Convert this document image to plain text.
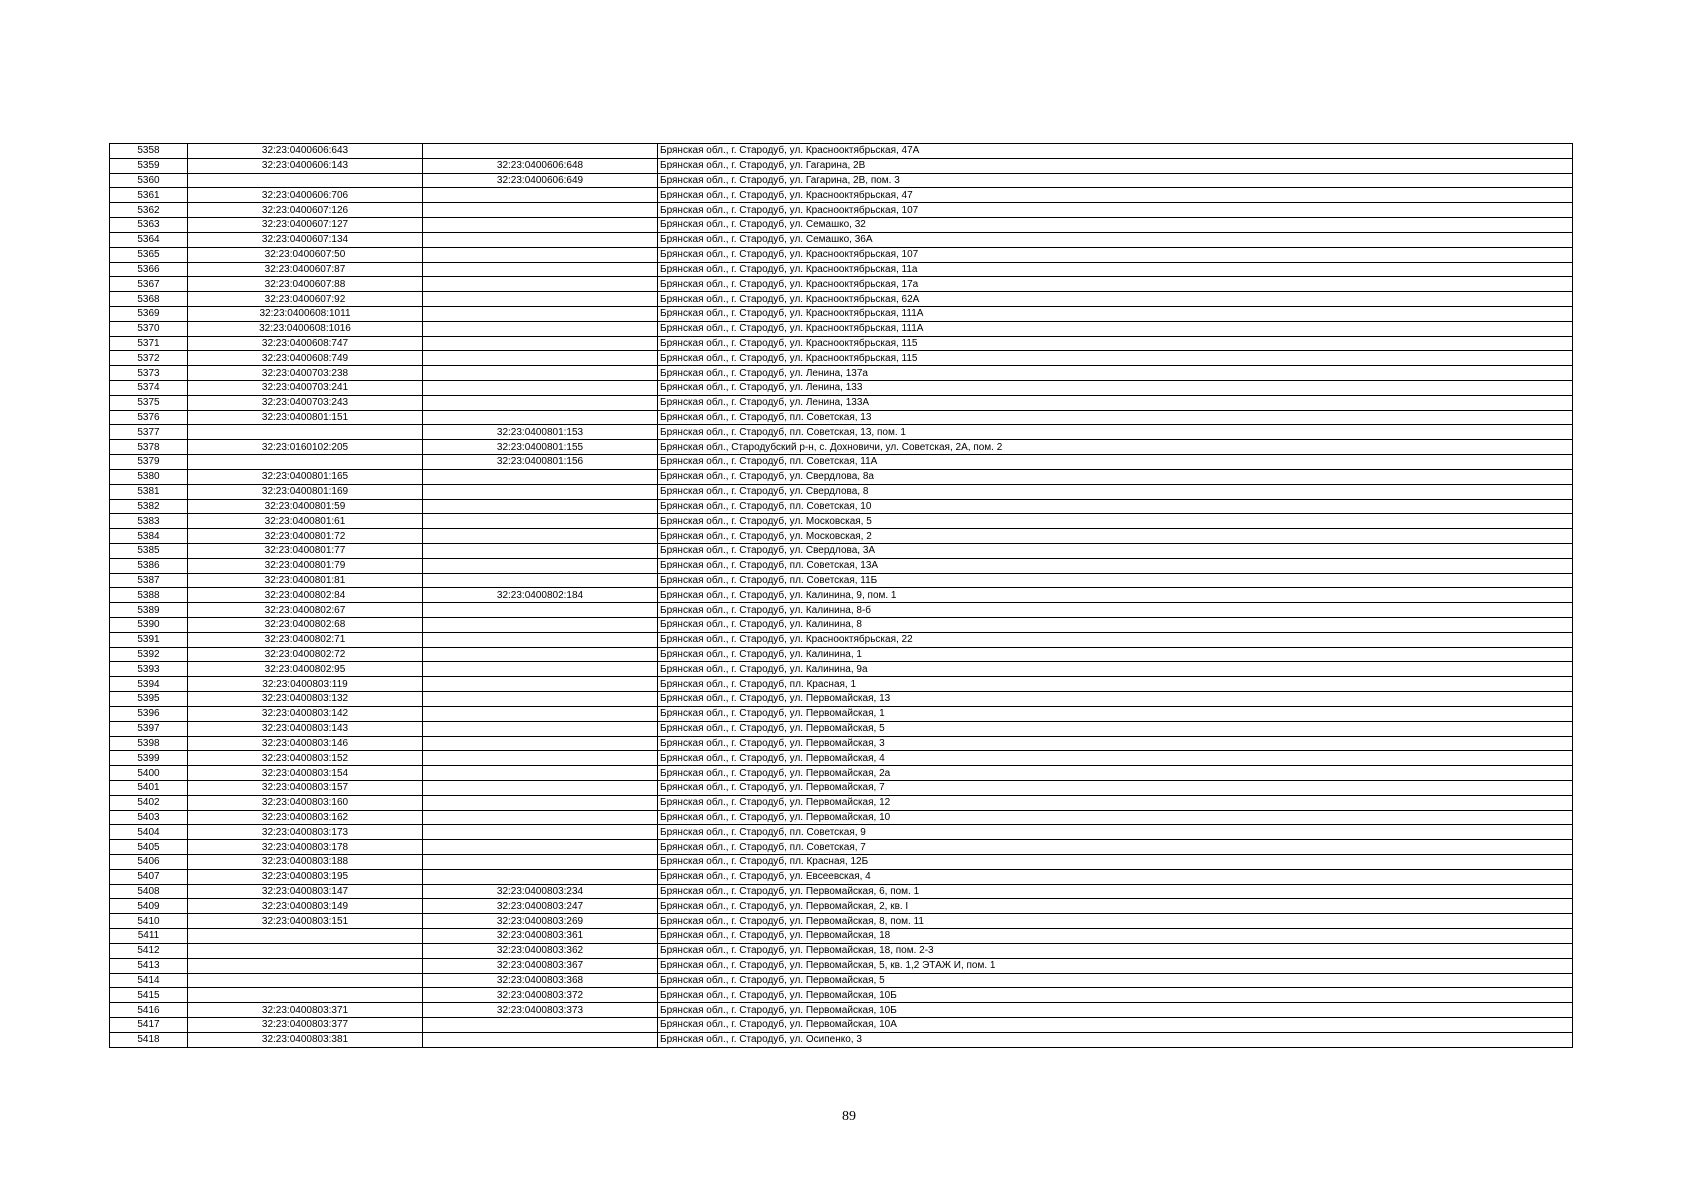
5358	32:23:0400606:643		Брянская обл., г. Стародуб, ул. Краснооктябрьская, 47А
5359	32:23:0400606:143	32:23:0400606:648	Брянская обл., г. Стародуб, ул. Гагарина, 2В
5360		32:23:0400606:649	Брянская обл., г. Стародуб, ул. Гагарина, 2В, пом. 3
5361	32:23:0400606:706		Брянская обл., г. Стародуб, ул. Краснооктябрьская, 47
5362	32:23:0400607:126		Брянская обл., г. Стародуб, ул. Краснооктябрьская, 107
5363	32:23:0400607:127		Брянская обл., г. Стародуб, ул. Семашко, 32
5364	32:23:0400607:134		Брянская обл., г. Стародуб, ул. Семашко, 36А
5365	32:23:0400607:50		Брянская обл., г. Стародуб, ул. Краснооктябрьская, 107
5366	32:23:0400607:87		Брянская обл., г. Стародуб, ул. Краснооктябрьская, 11а
5367	32:23:0400607:88		Брянская обл., г. Стародуб, ул. Краснооктябрьская, 17а
5368	32:23:0400607:92		Брянская обл., г. Стародуб, ул. Краснооктябрьская, 62А
5369	32:23:0400608:1011		Брянская обл., г. Стародуб, ул. Краснооктябрьская, 111А
5370	32:23:0400608:1016		Брянская обл., г. Стародуб, ул. Краснооктябрьская, 111А
5371	32:23:0400608:747		Брянская обл., г. Стародуб, ул. Краснооктябрьская, 115
5372	32:23:0400608:749		Брянская обл., г. Стародуб, ул. Краснооктябрьская, 115
5373	32:23:0400703:238		Брянская обл., г. Стародуб, ул. Ленина, 137а
5374	32:23:0400703:241		Брянская обл., г. Стародуб, ул. Ленина, 133
5375	32:23:0400703:243		Брянская обл., г. Стародуб, ул. Ленина, 133А
5376	32:23:0400801:151		Брянская обл., г. Стародуб, пл. Советская, 13
5377		32:23:0400801:153	Брянская обл., г. Стародуб, пл. Советская, 13, пом. 1
5378	32:23:0160102:205	32:23:0400801:155	Брянская обл., Стародубский р-н, с. Дохновичи, ул. Советская, 2А, пом. 2
5379		32:23:0400801:156	Брянская обл., г. Стародуб, пл. Советская, 11А
5380	32:23:0400801:165		Брянская обл., г. Стародуб, ул. Свердлова, 8а
5381	32:23:0400801:169		Брянская обл., г. Стародуб, ул. Свердлова, 8
5382	32:23:0400801:59		Брянская обл., г. Стародуб, пл. Советская, 10
5383	32:23:0400801:61		Брянская обл., г. Стародуб, ул. Московская, 5
5384	32:23:0400801:72		Брянская обл., г. Стародуб, ул. Московская, 2
5385	32:23:0400801:77		Брянская обл., г. Стародуб, ул. Свердлова, 3А
5386	32:23:0400801:79		Брянская обл., г. Стародуб, пл. Советская, 13А
5387	32:23:0400801:81		Брянская обл., г. Стародуб, пл. Советская, 11Б
5388	32:23:0400802:84	32:23:0400802:184	Брянская обл., г. Стародуб, ул. Калинина, 9, пом. 1
5389	32:23:0400802:67		Брянская обл., г. Стародуб, ул. Калинина, 8-б
5390	32:23:0400802:68		Брянская обл., г. Стародуб, ул. Калинина, 8
5391	32:23:0400802:71		Брянская обл., г. Стародуб, ул. Краснооктябрьская, 22
5392	32:23:0400802:72		Брянская обл., г. Стародуб, ул. Калинина, 1
5393	32:23:0400802:95		Брянская обл., г. Стародуб, ул. Калинина, 9а
5394	32:23:0400803:119		Брянская обл., г. Стародуб, пл. Красная, 1
5395	32:23:0400803:132		Брянская обл., г. Стародуб, ул. Первомайская, 13
5396	32:23:0400803:142		Брянская обл., г. Стародуб, ул. Первомайская, 1
5397	32:23:0400803:143		Брянская обл., г. Стародуб, ул. Первомайская, 5
5398	32:23:0400803:146		Брянская обл., г. Стародуб, ул. Первомайская, 3
5399	32:23:0400803:152		Брянская обл., г. Стародуб, ул. Первомайская, 4
5400	32:23:0400803:154		Брянская обл., г. Стародуб, ул. Первомайская, 2а
5401	32:23:0400803:157		Брянская обл., г. Стародуб, ул. Первомайская, 7
5402	32:23:0400803:160		Брянская обл., г. Стародуб, ул. Первомайская, 12
5403	32:23:0400803:162		Брянская обл., г. Стародуб, ул. Первомайская, 10
5404	32:23:0400803:173		Брянская обл., г. Стародуб, пл. Советская, 9
5405	32:23:0400803:178		Брянская обл., г. Стародуб, пл. Советская, 7
5406	32:23:0400803:188		Брянская обл., г. Стародуб, пл. Красная, 12Б
5407	32:23:0400803:195		Брянская обл., г. Стародуб, ул. Евсеевская, 4
5408	32:23:0400803:147	32:23:0400803:234	Брянская обл., г. Стародуб, ул. Первомайская, 6, пом. 1
5409	32:23:0400803:149	32:23:0400803:247	Брянская обл., г. Стародуб, ул. Первомайская, 2, кв. I
5410	32:23:0400803:151	32:23:0400803:269	Брянская обл., г. Стародуб, ул. Первомайская, 8, пом. 11
5411		32:23:0400803:361	Брянская обл., г. Стародуб, ул. Первомайская, 18
5412		32:23:0400803:362	Брянская обл., г. Стародуб, ул. Первомайская, 18, пом. 2-3
5413		32:23:0400803:367	Брянская обл., г. Стародуб, ул. Первомайская, 5, кв. 1,2 ЭТАЖ И, пом. 1
5414		32:23:0400803:368	Брянская обл., г. Стародуб, ул. Первомайская, 5
5415		32:23:0400803:372	Брянская обл., г. Стародуб, ул. Первомайская, 10Б
5416	32:23:0400803:371	32:23:0400803:373	Брянская обл., г. Стародуб, ул. Первомайская, 10Б
5417	32:23:0400803:377		Брянская обл., г. Стародуб, ул. Первомайская, 10А
5418	32:23:0400803:381		Брянская обл., г. Стародуб, ул. Осипенко, 3
89
